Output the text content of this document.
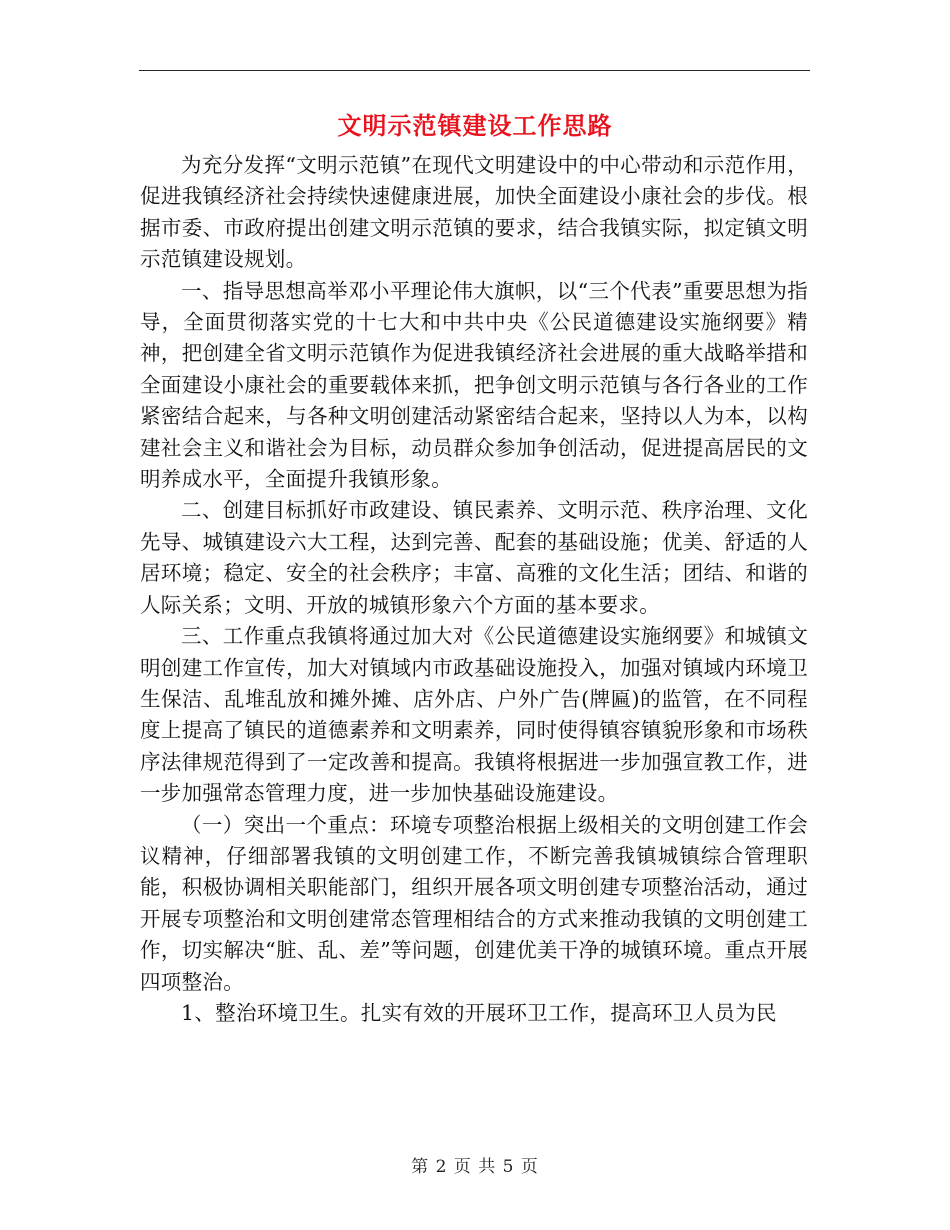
文明示范镇建设工作思路

为充分发挥“文明示范镇”在现代文明建设中的中心带动和示范作用，促进我镇经济社会持续快速健康进展，加快全面建设小康社会的步伐。根据市委、市政府提出创建文明示范镇的要求，结合我镇实际，拟定镇文明示范镇建设规划。

一、指导思想高举邓小平理论伟大旗帜，以“三个代表”重要思想为指导，全面贯彻落实党的十七大和中共中央《公民道德建设实施纲要》精神，把创建全省文明示范镇作为促进我镇经济社会进展的重大战略举措和全面建设小康社会的重要载体来抓，把争创文明示范镇与各行各业的工作紧密结合起来，与各种文明创建活动紧密结合起来，坚持以人为本，以构建社会主义和谐社会为目标，动员群众参加争创活动，促进提高居民的文明养成水平，全面提升我镇形象。

二、创建目标抓好市政建设、镇民素养、文明示范、秩序治理、文化先导、城镇建设六大工程，达到完善、配套的基础设施；优美、舒适的人居环境；稳定、安全的社会秩序；丰富、高雅的文化生活；团结、和谐的人际关系；文明、开放的城镇形象六个方面的基本要求。

三、工作重点我镇将通过加大对《公民道德建设实施纲要》和城镇文明创建工作宣传，加大对镇域内市政基础设施投入，加强对镇域内环境卫生保洁、乱堆乱放和摊外摊、店外店、户外广告(牌匾)的监管，在不同程度上提高了镇民的道德素养和文明素养，同时使得镇容镇貌形象和市场秩序法律规范得到了一定改善和提高。我镇将根据进一步加强宣教工作，进一步加强常态管理力度，进一步加快基础设施建设。

（一）突出一个重点：环境专项整治根据上级相关的文明创建工作会议精神，仔细部署我镇的文明创建工作，不断完善我镇城镇综合管理职能，积极协调相关职能部门，组织开展各项文明创建专项整治活动，通过开展专项整治和文明创建常态管理相结合的方式来推动我镇的文明创建工作，切实解决“脏、乱、差”等问题，创建优美干净的城镇环境。重点开展四项整治。

1、整治环境卫生。扎实有效的开展环卫工作，提高环卫人员为民

第 2 页 共 5 页
